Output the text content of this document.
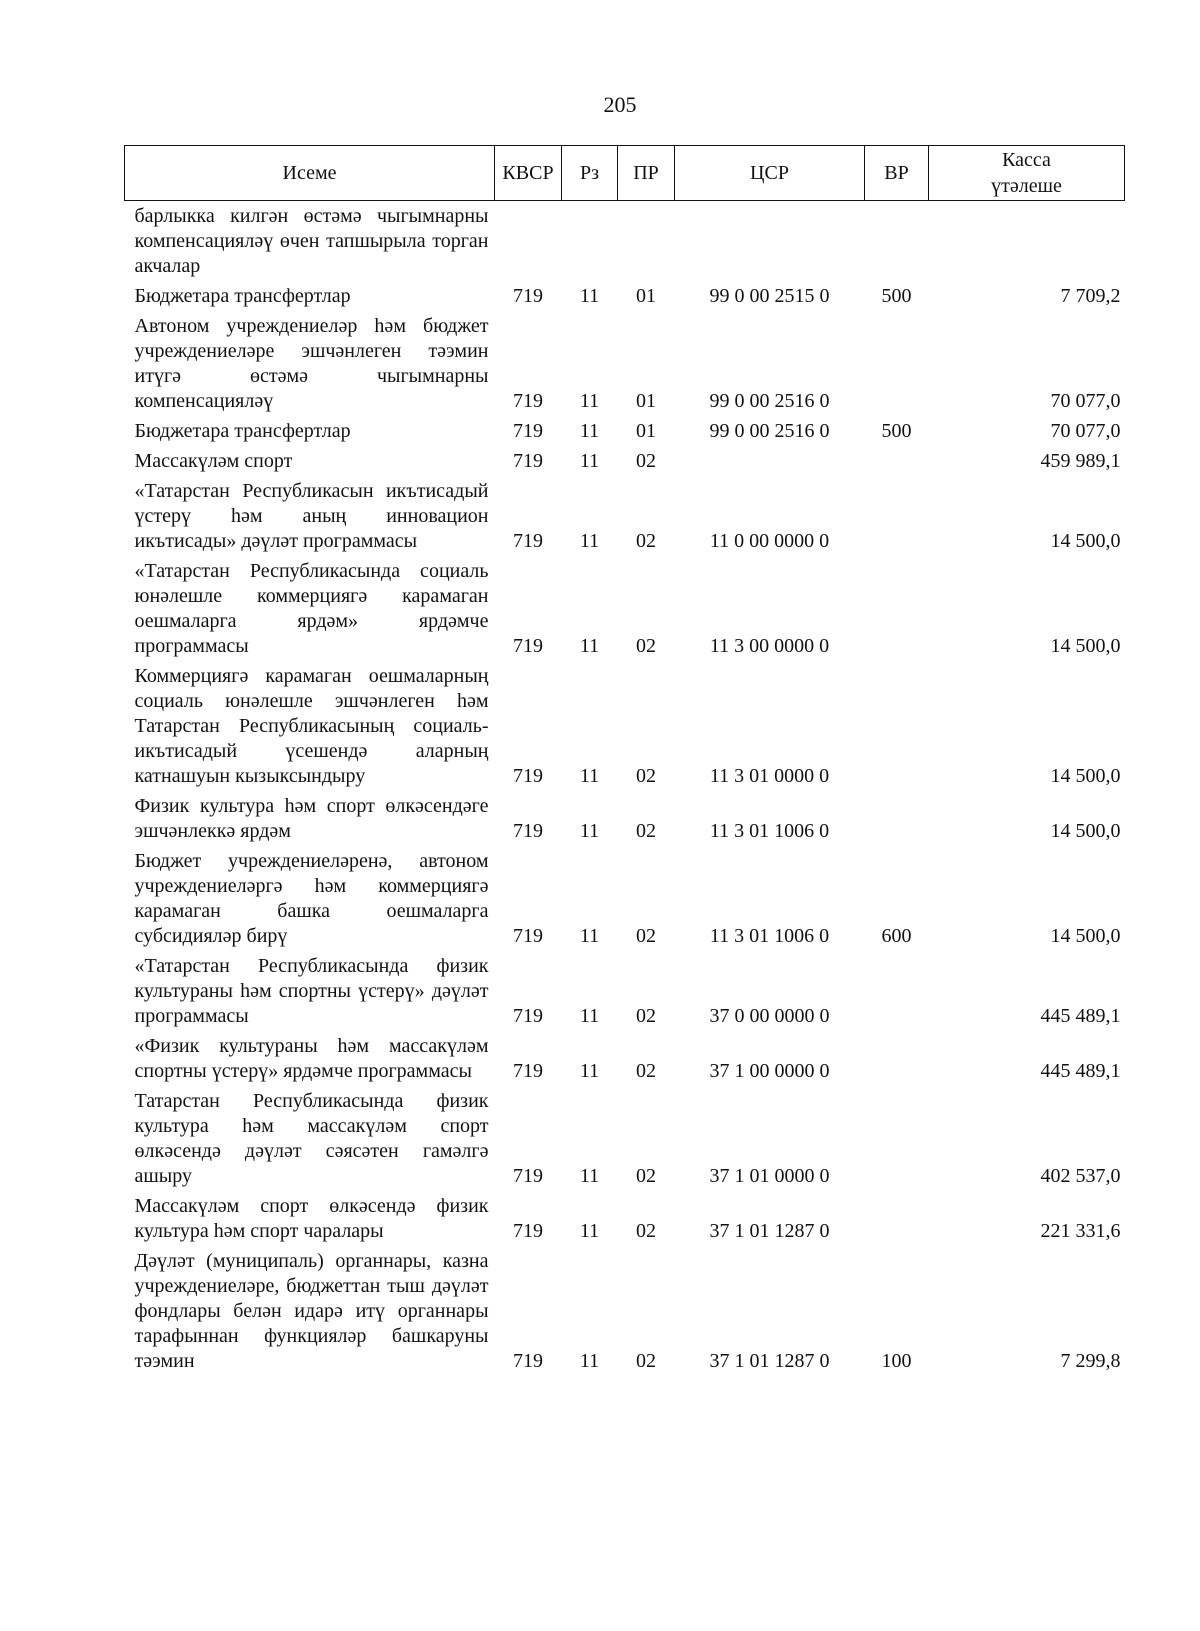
205
Исеме	КВСР	Рз	ПР	ЦСР	ВР	Касса
үтәлеше
барлыкка килгән өстәмә чыгымнарны компенсацияләү өчен тапшырыла торган акчалар						
Бюджетара трансфертлар	719	11	01	99 0 00 2515 0	500	7 709,2
Автоном учреждениеләр һәм бюджет учреждениеләре эшчәнлеген тәэмин итүгә өстәмә чыгымнарны компенсацияләү	719	11	01	99 0 00 2516 0		70 077,0
Бюджетара трансфертлар	719	11	01	99 0 00 2516 0	500	70 077,0
Массакүләм спорт	719	11	02			459 989,1
«Татарстан Республикасын икътисадый үстерү һәм аның инновацион икътисады» дәүләт программасы	719	11	02	11 0 00 0000 0		14 500,0
«Татарстан Республикасында социаль юнәлешле коммерциягә карамаган оешмаларга ярдәм» ярдәмче программасы	719	11	02	11 3 00 0000 0		14 500,0
Коммерциягә карамаган оешмаларның социаль юнәлешле эшчәнлеген һәм Татарстан Республикасының социаль-икътисадый үсешендә аларның катнашуын кызыксындыру	719	11	02	11 3 01 0000 0		14 500,0
Физик культура һәм спорт өлкәсендәге эшчәнлеккә ярдәм	719	11	02	11 3 01 1006 0		14 500,0
Бюджет учреждениеләренә, автоном учреждениеләргә һәм коммерциягә карамаган башка оешмаларга субсидияләр бирү	719	11	02	11 3 01 1006 0	600	14 500,0
«Татарстан Республикасында физик культураны һәм спортны үстерү» дәүләт программасы	719	11	02	37 0 00 0000 0		445 489,1
«Физик культураны һәм массакүләм спортны үстерү» ярдәмче программасы	719	11	02	37 1 00 0000 0		445 489,1
Татарстан Республикасында физик культура һәм массакүләм спорт өлкәсендә дәүләт сәясәтен гамәлгә ашыру	719	11	02	37 1 01 0000 0		402 537,0
Массакүләм спорт өлкәсендә физик культура һәм спорт чаралары	719	11	02	37 1 01 1287 0		221 331,6
Дәүләт (муниципаль) органнары, казна учреждениеләре, бюджеттан тыш дәүләт фондлары белән идарә итү органнары тарафыннан функцияләр башкаруны тәэмин	719	11	02	37 1 01 1287 0	100	7 299,8
